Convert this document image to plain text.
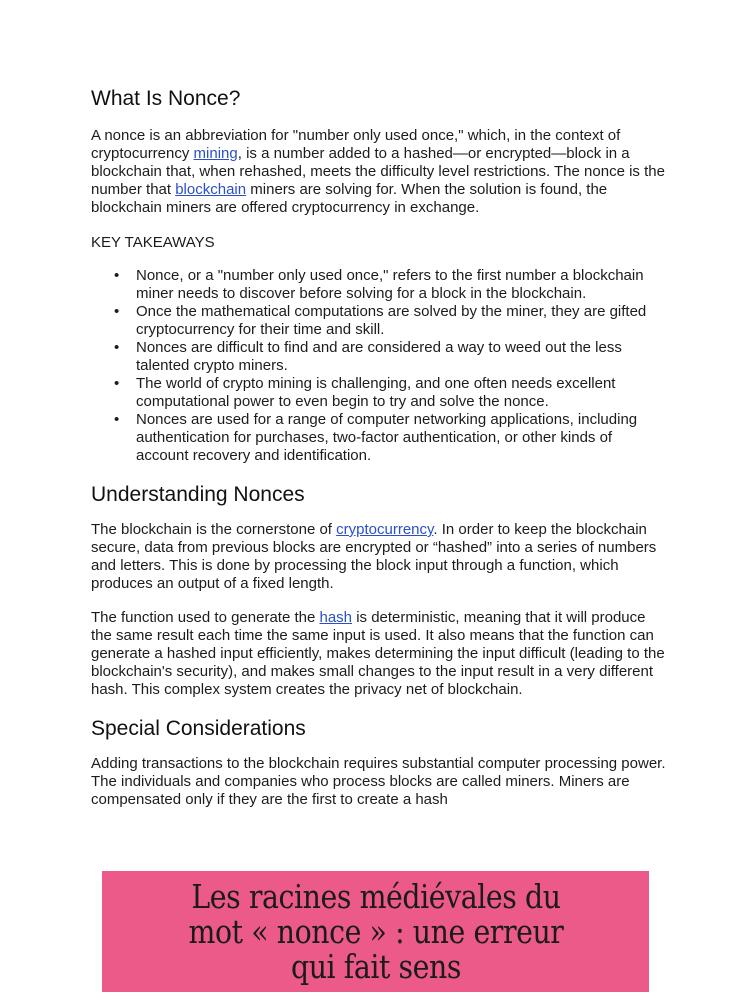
What Is Nonce?

A nonce is an abbreviation for "number only used once," which, in the context of cryptocurrency mining, is a number added to a hashed—or encrypted—block in a blockchain that, when rehashed, meets the difficulty level restrictions. The nonce is the number that blockchain miners are solving for. When the solution is found, the blockchain miners are offered cryptocurrency in exchange.

KEY TAKEAWAYS

• Nonce, or a "number only used once," refers to the first number a blockchain miner needs to discover before solving for a block in the blockchain.
• Once the mathematical computations are solved by the miner, they are gifted cryptocurrency for their time and skill.
• Nonces are difficult to find and are considered a way to weed out the less talented crypto miners.
• The world of crypto mining is challenging, and one often needs excellent computational power to even begin to try and solve the nonce.
• Nonces are used for a range of computer networking applications, including authentication for purchases, two-factor authentication, or other kinds of account recovery and identification.
Understanding Nonces

The blockchain is the cornerstone of cryptocurrency. In order to keep the blockchain secure, data from previous blocks are encrypted or “hashed” into a series of numbers and letters. This is done by processing the block input through a function, which produces an output of a fixed length.

The function used to generate the hash is deterministic, meaning that it will produce the same result each time the same input is used. It also means that the function can generate a hashed input efficiently, makes determining the input difficult (leading to the blockchain's security), and makes small changes to the input result in a very different hash. This complex system creates the privacy net of blockchain.

Special Considerations

Adding transactions to the blockchain requires substantial computer processing power. The individuals and companies who process blocks are called miners. Miners are compensated only if they are the first to create a hash

Les racines médiévales du mot « nonce » : une erreur qui fait sens
